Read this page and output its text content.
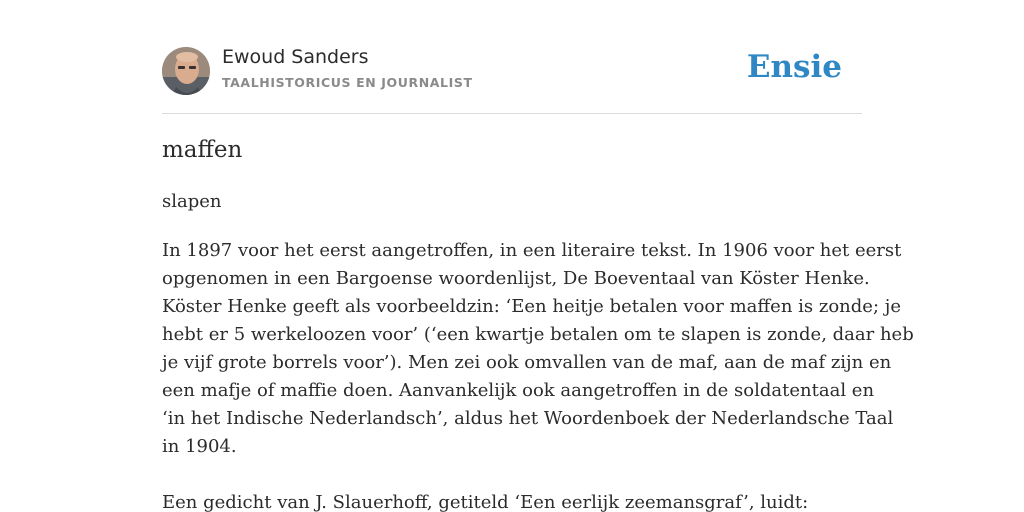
Ewoud Sanders
TAALHISTORICUS EN JOURNALIST	Ensie
maffen
slapen
In 1897 voor het eerst aangetroffen, in een literaire tekst. In 1906 voor het eerst
opgenomen in een Bargoense woordenlijst, De Boeventaal van Köster Henke.
Köster Henke geeft als voorbeeldzin: ‘Een heitje betalen voor maffen is zonde; je
hebt er 5 werkeloozen voor’ (‘een kwartje betalen om te slapen is zonde, daar heb
je vijf grote borrels voor’). Men zei ook omvallen van de maf, aan de maf zijn en
een mafje of maffie doen. Aanvankelijk ook aangetroffen in de soldatentaal en
‘in het Indische Nederlandsch’, aldus het Woordenboek der Nederlandsche Taal
in 1904.
Een gedicht van J. Slauerhoff, getiteld ‘Een eerlijk zeemansgraf’, luidt:
